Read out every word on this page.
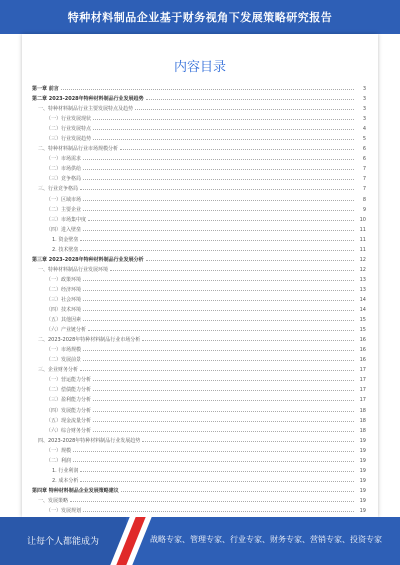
特种材料制品企业基于财务视角下发展策略研究报告
内容目录
第一章 前言	3
第二章 2023-2028年特种材料制品行业发展趋势	3
一、特种材料制品行业主要发展特点及趋势	3
（一）行业发展现状	3
（二）行业发展特点	4
（三）行业发展趋势	5
二、特种材料制品行业市场规模分析	6
（一）市场需求	6
（二）市场供给	7
（三）竞争格局	7
三、行业竞争格局	7
（一）区域市场	8
（二）主要企业	9
（三）市场集中度	10
（四）进入壁垒	11
1. 资金壁垒	11
2. 技术壁垒	11
第三章 2023-2028年特种材料制品行业发展分析	12
一、特种材料制品行业发展环境	12
（一）政策环境	13
（二）经济环境	13
（三）社会环境	14
（四）技术环境	14
（五）其他因素	15
（六）产业链分析	15
二、2023-2028年特种材料制品行业市场分析	16
（一）市场规模	16
（二）发展前景	16
三、企业财务分析	17
（一）营运能力分析	17
（二）偿债能力分析	17
（三）盈利能力分析	17
（四）发展能力分析	18
（五）现金流量分析	18
（六）综合财务分析	18
四、2023-2028年特种材料制品行业发展趋势	19
（一）规模	19
（二）利润	19
1. 行业利润	19
2. 成本分析	19
第四章 特种材料制品企业发展策略建议	19
一、发展策略	19
（一）发展规划	19
让每个人都能成为	战略专家、管理专家、行业专家、财务专家、营销专家、投资专家
